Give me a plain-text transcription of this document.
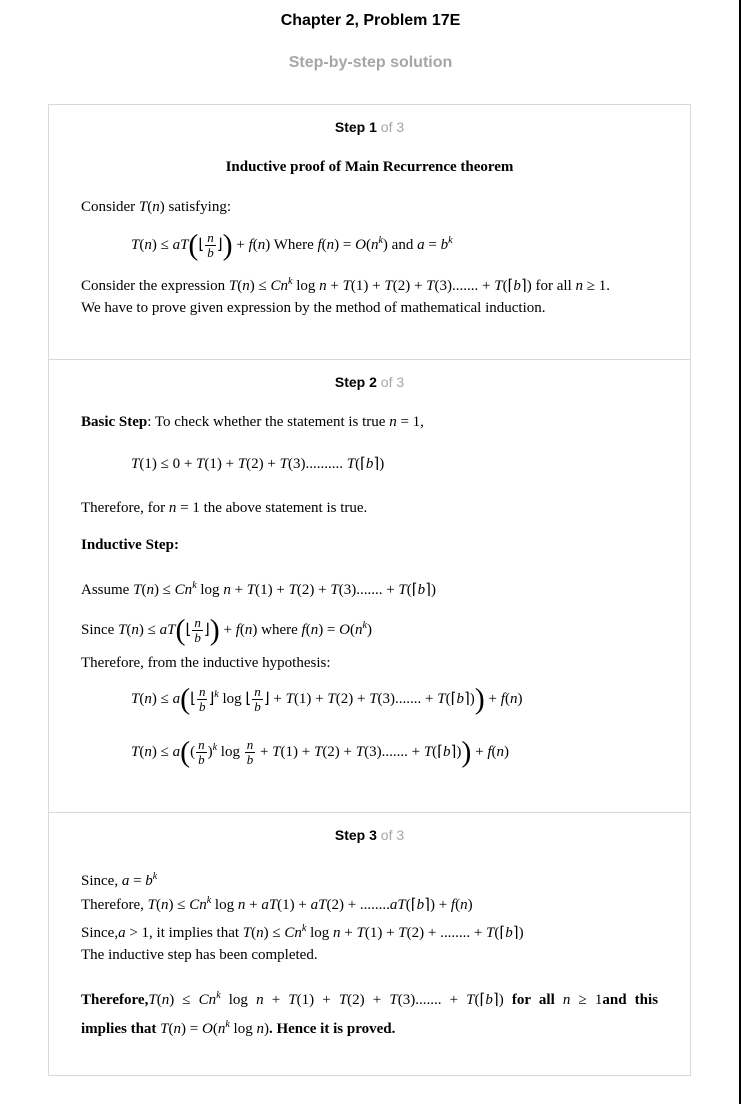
Chapter 2, Problem 17E
Step-by-step solution
Step 1 of 3
Inductive proof of Main Recurrence theorem
Consider T(n) satisfying:
T(n) ≤ aT(⌊ $\frac{n}{b}$ ⌋) + f(n) Where $f(n) = O(n^k)$ and $a = b^k$
Consider the expression $T(n) \le Cn^k$ log n + T(1) + T(2) + T(3)....... + T(⌈b⌉) for all n ≥ 1.
We have to prove given expression by the method of mathematical induction.
Step 2 of 3
Basic Step: To check whether the statement is true n = 1,
T(1) ≤ 0 + T(1) + T(2) + T(3).......... T(⌈b⌉)
Therefore, for n = 1 the above statement is true.
Inductive Step:
Assume $T(n) \le Cn^k$ log n + T(1) + T(2) + T(3)....... + T(⌈b⌉)
Since T(n) ≤ aT(⌊ $\frac{n}{b}$ ⌋) + f(n) where $f(n) = O(n^k)$
Therefore, from the inductive hypothesis:
T(n) ≤ a(⌊ $\frac{n}{b}$ ⌋$^k$ log ⌊ $\frac{n}{b}$ ⌋ + T(1) + T(2) + T(3)....... + T(⌈b⌉)) + f(n)
$T(n) \le a(( \frac{n}{b} )^k$ $\log \frac{n}{b} + T(1) + T(2) + T(3)$....... + T(⌈b⌉)) + f(n)
Step 3 of 3
Since, $a = b^k$
Therefore, $T(n) \le Cn^k$ log n + aT(1) + aT(2) + ........aT(⌈b⌉) + f(n)
Since,a > 1, it implies that $T(n) \le Cn^k$ log n + T(1) + T(2) + ........ + T(⌈b⌉)
The inductive step has been completed.
Therefore,T(n) ≤ $Cn^k$ log n + T(1) + T(2) + T(3)....... + T(⌈b⌉) for all n ≥ 1and this
implies that $T(n) = O(n^k$ log n). Hence it is proved.
